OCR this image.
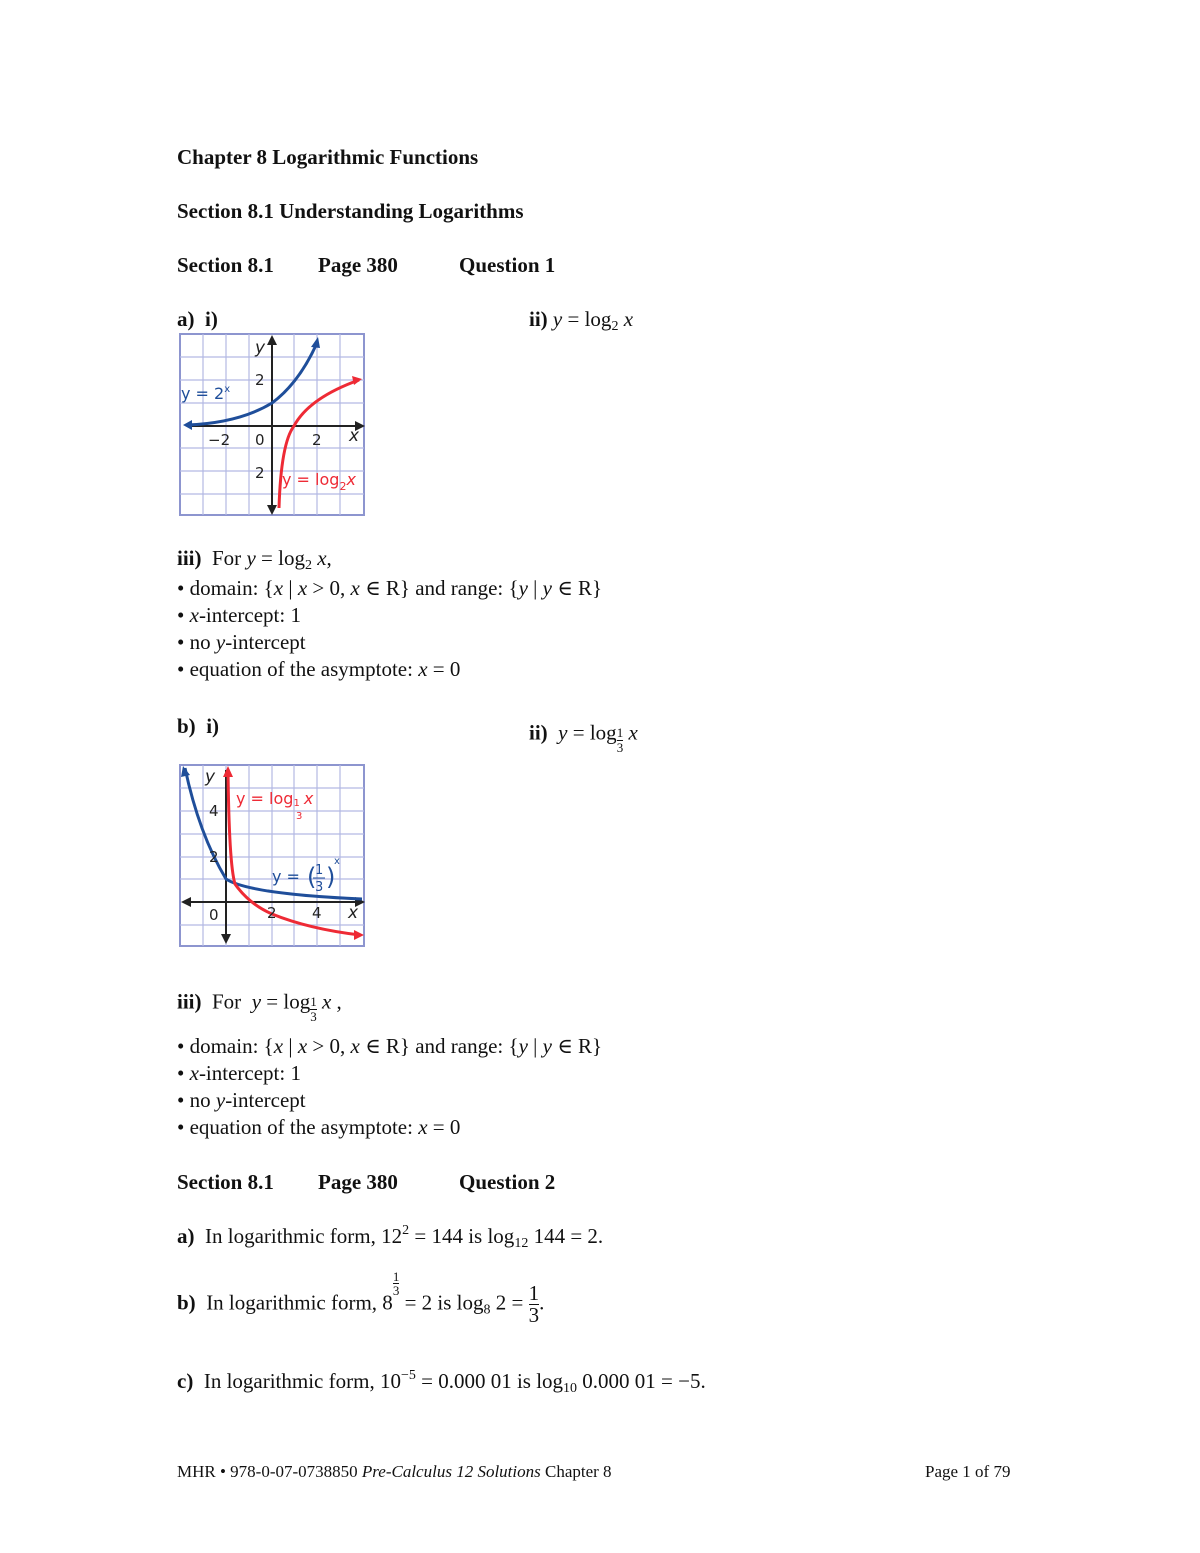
Chapter 8 Logarithmic Functions
Section 8.1 Understanding Logarithms
Section 8.1 Page 380	Question 1
a) i)	ii) $y = \log_2 x$
y
x
2
−2 0	2
2
$y = 2^x$
$y = \log_2x$
iii)  For $y = \log_2 x$,
• domain: {x | x > 0, x ∈ R} and range: {y | y ∈ R}
• x-intercept: 1
• no y-intercept
• equation of the asymptote: x = 0
b) i)	ii) $y = \log\frac{1}{3} x$
y
x
4
2
0	2 4
y = log1 x
3
y = 1
3
( )
x
iii)  For  $y = \log\frac{1}{3} x$ ,
• domain: {x | x > 0, x ∈ R} and range: {y | y ∈ R}
• x-intercept: 1
• no y-intercept
• equation of the asymptote: x = 0
Section 8.1 Page 380	Question 2
a)  In logarithmic form, $12^2 = 144$ is $\log_{12} 144 = 2$.
b)  In logarithmic form, 8
$\frac{1}{3}$
= 2 is $\log_8 2 = \frac{1}{3}$ .
c)  In logarithmic form, $10^{-5} = 0.000$ 01 is $\log_{10} 0.000$ 01 = −5.
MHR • 978-0-07-0738850 Pre-Calculus 12 Solutions Chapter 8	Page 1 of 79
